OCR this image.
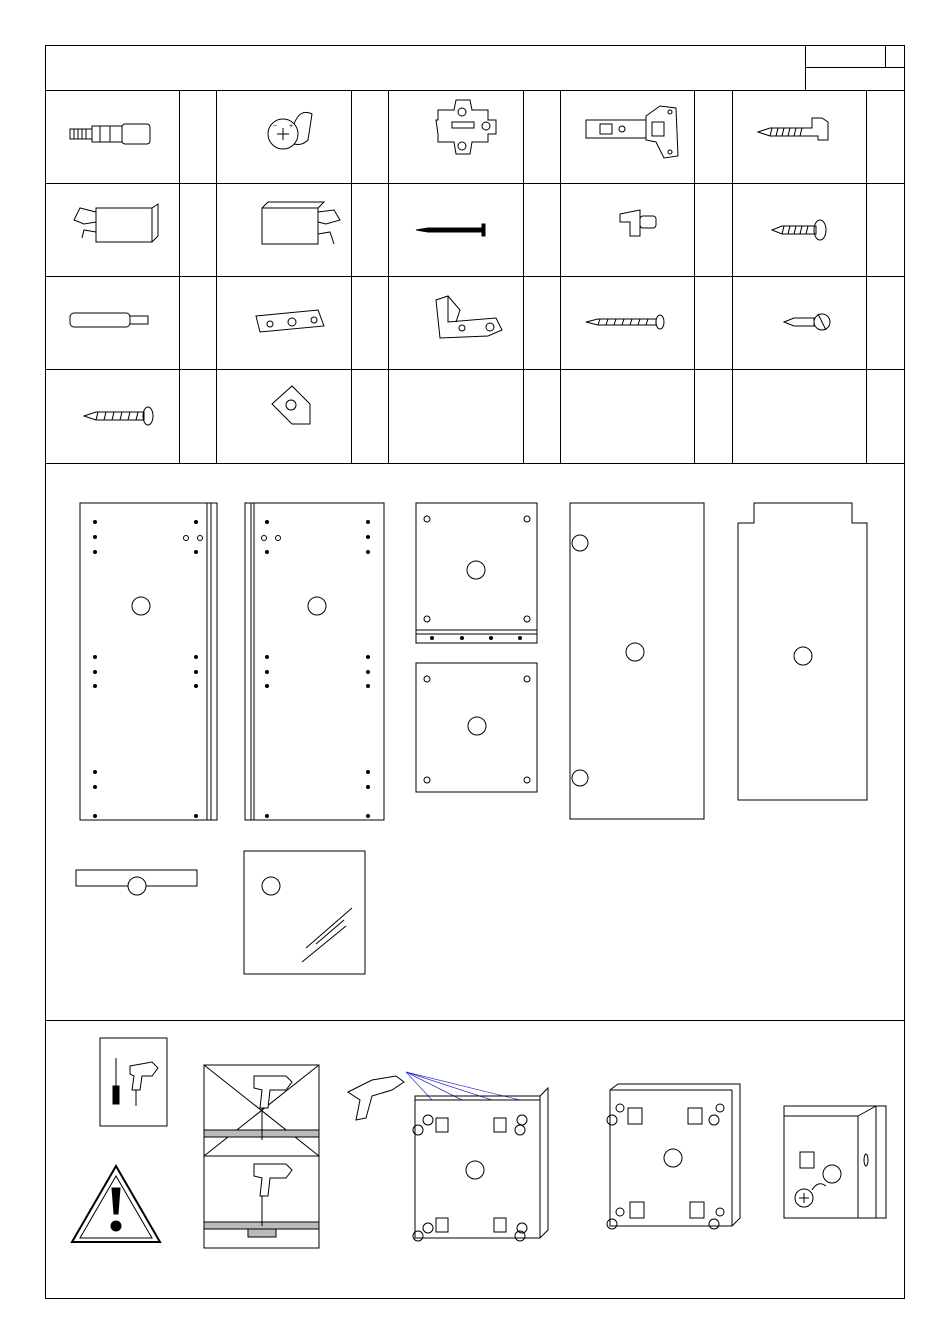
− +
